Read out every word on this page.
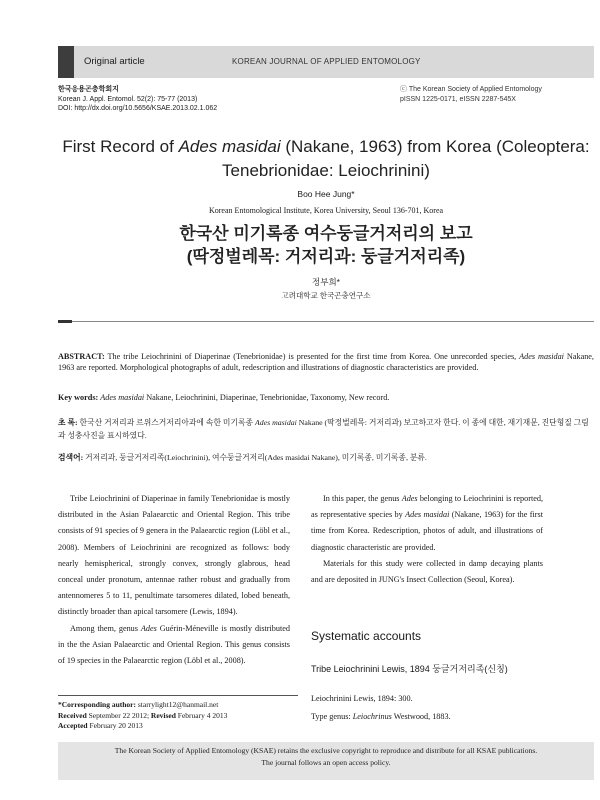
Original article	KOREAN JOURNAL OF APPLIED ENTOMOLOGY
한국응용곤충학회지
Korean J. Appl. Entomol. 52(2): 75-77 (2013)
DOI: http://dx.doi.org/10.5656/KSAE.2013.02.1.062
ⓒ The Korean Society of Applied Entomology
pISSN 1225-0171, eISSN 2287-545X
First Record of Ades masidai (Nakane, 1963) from Korea (Coleoptera:
Tenebrionidae: Leiochrinini)
Boo Hee Jung*
Korean Entomological Institute, Korea University, Seoul 136-701, Korea
한국산 미기록종 여수둥글거저리의 보고
(딱정벌레목: 거저리과: 둥글거저리족)
정부희*
고려대학교 한국곤충연구소
ABSTRACT: The tribe Leiochrinini of Diaperinae (Tenebrionidae) is presented for the first time from Korea. One unrecorded species, Ades masidai Nakane, 1963 are reported. Morphological photographs of adult, redescription and illustrations of diagnostic characteristics are provided.
Key words: Ades masidai Nakane, Leiochrinini, Diaperinae, Tenebrionidae, Taxonomy, New record.
초 록: 한국산 거저리과 르위스거저리아과에 속한 미기록종 Ades masidai Nakane (딱정벌레목: 거저리과) 보고하고자 한다. 이 종에 대한, 재기재문, 진단형질 그림과 성충사진을 표시하였다.
검색어: 거저리과, 둥글거저리족(Leiochrinini), 여수둥글거저리(Ades masidai Nakane), 미기록종, 미기록종, 분류.

Tribe Leiochrinini of Diaperinae in family Tenebrionidae is mostly distributed in the Asian Palaearctic and Oriental Region. This tribe consists of 91 species of 9 genera in the Palaearctic region (Löbl et al., 2008). Members of Leiochrinini are recognized as follows: body nearly hemispherical, strongly convex, strongly glabrous, head conceal under pronotum, antennae rather robust and gradually from antennomeres 5 to 11, penultimate tarsomeres dilated, lobed beneath, distinctly broader than apical tarsomere (Lewis, 1894).

Among them, genus Ades Guérin-Méneville is mostly distributed in the the Asian Palaearctic and Oriental Region. This genus consists of 19 species in the Palaearctic region (Löbl et al., 2008).

In this paper, the genus Ades belonging to Leiochrinini is reported, as representative species by Ades masidai (Nakane, 1963) for the first time from Korea. Redescription, photos of adult, and illustrations of diagnostic characteristic are provided.

Materials for this study were collected in damp decaying plants and are deposited in JUNG's Insect Collection (Seoul, Korea).

Systematic accounts
Tribe Leiochrinini Lewis, 1894 둥글거저리족(신칭)
Leiochrinini Lewis, 1894: 300.
Type genus: Leiochrinus Westwood, 1883.
*Corresponding author: starrylight12@hanmail.net
Received September 22 2012; Revised February 4 2013
Accepted February 20 2013
The Korean Society of Applied Entomology (KSAE) retains the exclusive copyright to reproduce and distribute for all KSAE publications.
The journal follows an open access policy.
